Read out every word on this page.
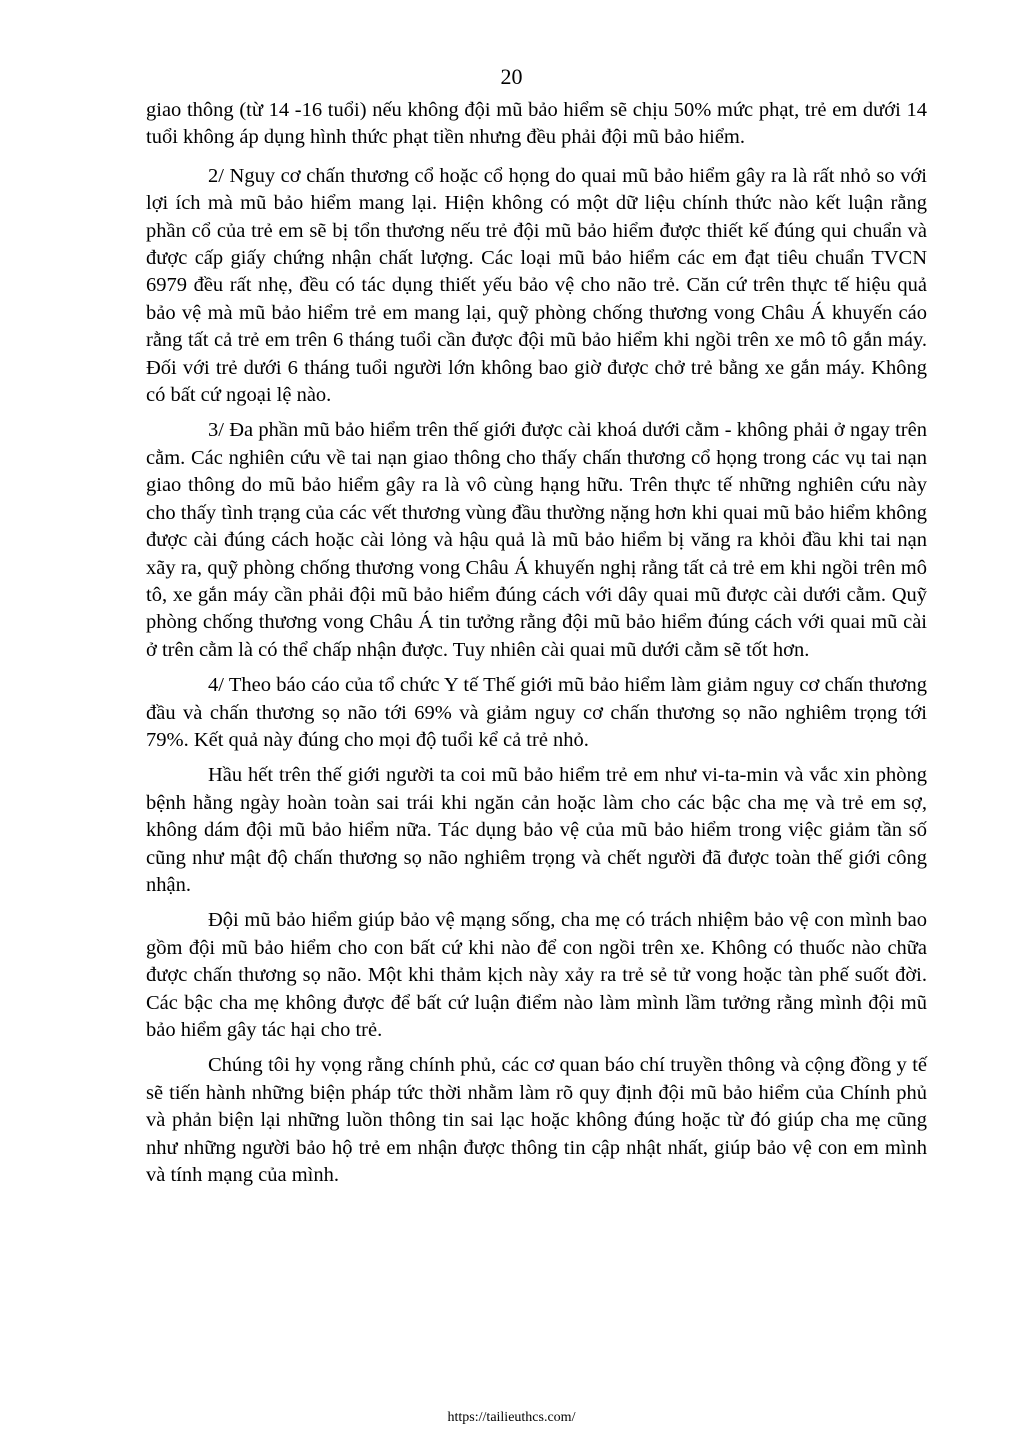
20

giao thông (từ 14 -16 tuổi) nếu không đội mũ bảo hiểm sẽ chịu 50% mức phạt, trẻ em dưới 14 tuổi không áp dụng hình thức phạt tiền nhưng đều phải đội mũ bảo hiểm.

2/ Nguy cơ chấn thương cổ hoặc cổ họng do quai mũ bảo hiểm gây ra là rất nhỏ so với lợi ích mà mũ bảo hiểm mang lại. Hiện không có một dữ liệu chính thức nào kết luận rằng phần cổ của trẻ em sẽ bị tổn thương nếu trẻ đội mũ bảo hiểm được thiết kế đúng qui chuẩn và được cấp giấy chứng nhận chất lượng. Các loại mũ bảo hiểm các em đạt tiêu chuẩn TVCN 6979 đều rất nhẹ, đều có tác dụng thiết yếu bảo vệ cho não trẻ. Căn cứ trên thực tế hiệu quả bảo vệ mà mũ bảo hiểm trẻ em mang lại, quỹ phòng chống thương vong Châu Á khuyến cáo rằng tất cả trẻ em trên 6 tháng tuổi cần được đội mũ bảo hiểm khi ngồi trên xe mô tô gắn máy. Đối với trẻ dưới 6 tháng tuổi người lớn không bao giờ được chở trẻ bằng xe gắn máy. Không có bất cứ ngoại lệ nào.

3/ Đa phần mũ bảo hiểm trên thế giới được cài khoá dưới cằm - không phải ở ngay trên cằm. Các nghiên cứu về tai nạn giao thông cho thấy chấn thương cổ họng trong các vụ tai nạn giao thông do mũ bảo hiểm gây ra là vô cùng hạng hữu. Trên thực tế những nghiên cứu này cho thấy tình trạng của các vết thương vùng đầu thường nặng hơn khi quai mũ bảo hiểm không được cài đúng cách hoặc cài lỏng và hậu quả là mũ bảo hiểm bị văng ra khỏi đầu khi tai nạn xãy ra, quỹ phòng chống thương vong Châu Á khuyến nghị rằng tất cả trẻ em khi ngồi trên mô tô, xe gắn máy cần phải đội mũ bảo hiểm đúng cách với dây quai mũ được cài dưới cằm. Quỹ phòng chống thương vong Châu Á tin tưởng rằng đội mũ bảo hiểm đúng cách với quai mũ cài ở trên cằm là có thể chấp nhận được. Tuy nhiên cài quai mũ dưới cằm sẽ tốt hơn.

4/ Theo báo cáo của tổ chức Y tế Thế giới mũ bảo hiểm làm giảm nguy cơ chấn thương đầu và chấn thương sọ não tới 69% và giảm nguy cơ chấn thương sọ não nghiêm trọng tới 79%. Kết quả này đúng cho mọi độ tuổi kể cả trẻ nhỏ.

Hầu hết trên thế giới người ta coi mũ bảo hiểm trẻ em như vi-ta-min và vắc xin phòng bệnh hằng ngày hoàn toàn sai trái khi ngăn cản hoặc làm cho các bậc cha mẹ và trẻ em sợ, không dám đội mũ bảo hiểm nữa. Tác dụng bảo vệ của mũ bảo hiểm trong việc giảm tần số cũng như mật độ chấn thương sọ não nghiêm trọng và chết người đã được toàn thế giới công nhận.

Đội mũ bảo hiểm giúp bảo vệ mạng sống, cha mẹ có trách nhiệm bảo vệ con mình bao gồm đội mũ bảo hiểm cho con bất cứ khi nào để con ngồi trên xe. Không có thuốc nào chữa được chấn thương sọ não. Một khi thảm kịch này xảy ra trẻ sẻ tử vong hoặc tàn phế suốt đời. Các bậc cha mẹ không được để bất cứ luận điểm nào làm mình lầm tưởng rằng mình đội mũ bảo hiểm gây tác hại cho trẻ.

Chúng tôi hy vọng rằng chính phủ, các cơ quan báo chí truyền thông và cộng đồng y tế sẽ tiến hành những biện pháp tức thời nhằm làm rõ quy định đội mũ bảo hiểm của Chính phủ và phản biện lại những luồn thông tin sai lạc hoặc không đúng hoặc từ đó giúp cha mẹ cũng như những người bảo hộ trẻ em nhận được thông tin cập nhật nhất, giúp bảo vệ con em mình và tính mạng của mình.

https://tailieuthcs.com/
